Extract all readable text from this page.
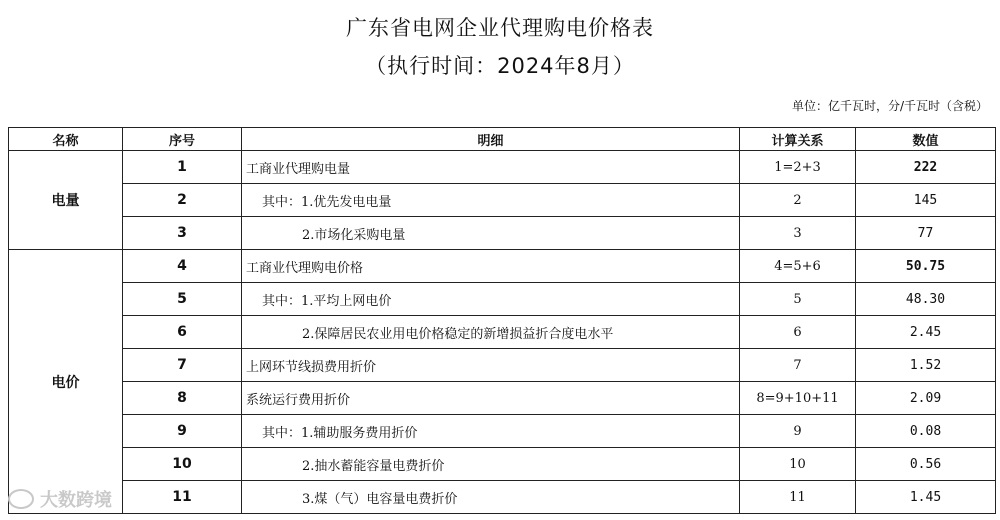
广东省电网企业代理购电价格表
（执行时间：2024年8月）
单位：亿千瓦时，分/千瓦时（含税）
名称	序号	明细	计算关系	数值
电量	1	工商业代理购电量	1=2+3	222
	2	其中：1.优先发电电量	2	145
	3	2.市场化采购电量	3	77
电价	4	工商业代理购电价格	4=5+6	50.75
	5	其中：1.平均上网电价	5	48.30
	6	2.保障居民农业用电价格稳定的新增损益折合度电水平	6	2.45
	7	上网环节线损费用折价	7	1.52
	8	系统运行费用折价	8=9+10+11	2.09
	9	其中：1.辅助服务费用折价	9	0.08
	10	2.抽水蓄能容量电费折价	10	0.56
	11	3.煤（气）电容量电费折价	11	1.45
大数跨境
